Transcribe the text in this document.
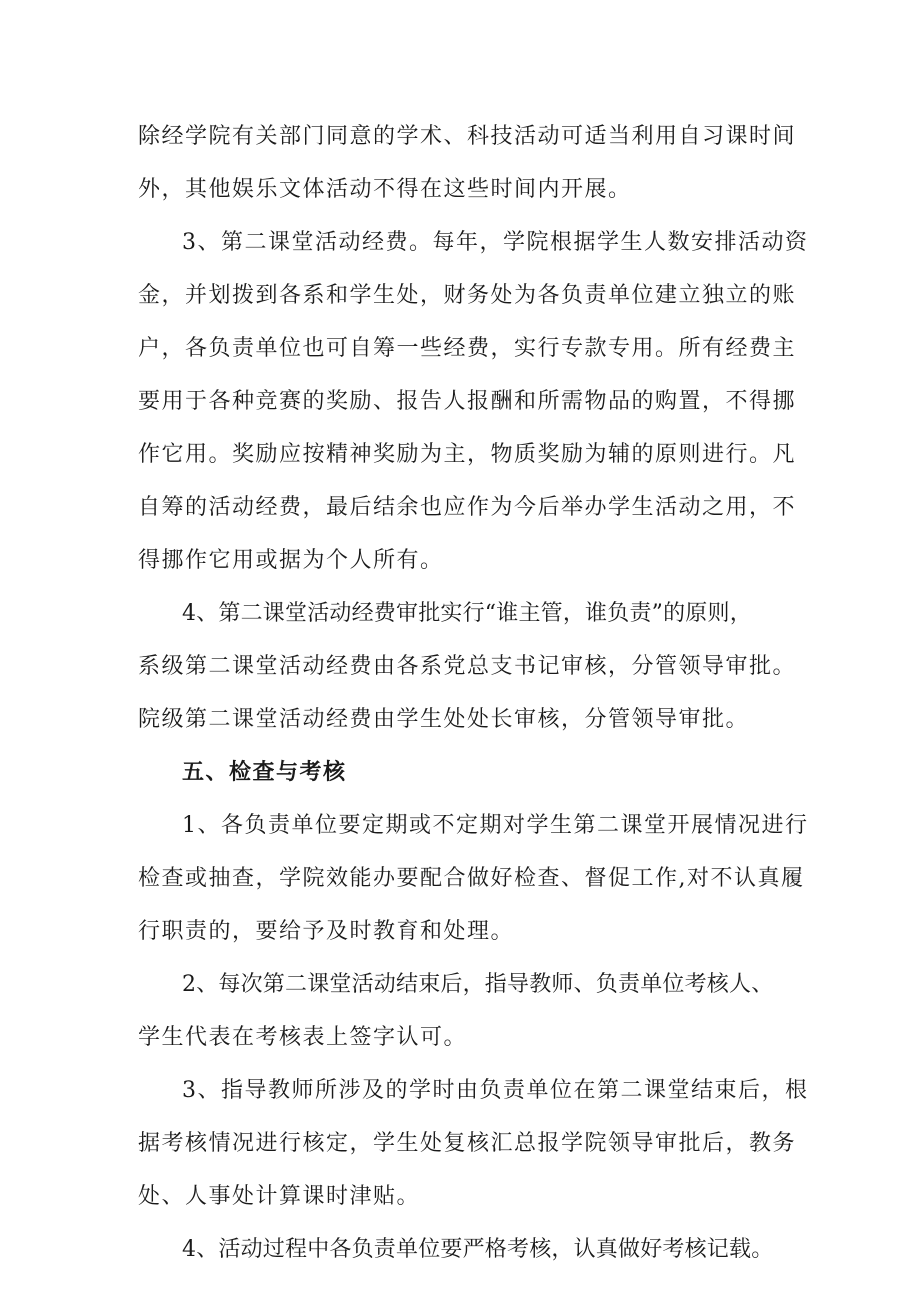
除经学院有关部门同意的学术、科技活动可适当利用自习课时间
外，其他娱乐文体活动不得在这些时间内开展。
3、第二课堂活动经费。每年，学院根据学生人数安排活动资
金，并划拨到各系和学生处，财务处为各负责单位建立独立的账
户，各负责单位也可自筹一些经费，实行专款专用。所有经费主
要用于各种竞赛的奖励、报告人报酬和所需物品的购置，不得挪
作它用。奖励应按精神奖励为主，物质奖励为辅的原则进行。凡
自筹的活动经费，最后结余也应作为今后举办学生活动之用，不
得挪作它用或据为个人所有。
4、第二课堂活动经费审批实行“谁主管，谁负责”的原则，
系级第二课堂活动经费由各系党总支书记审核，分管领导审批。
院级第二课堂活动经费由学生处处长审核，分管领导审批。
五、检查与考核
1、各负责单位要定期或不定期对学生第二课堂开展情况进行
检查或抽查，学院效能办要配合做好检查、督促工作,对不认真履
行职责的，要给予及时教育和处理。
2、每次第二课堂活动结束后，指导教师、负责单位考核人、
学生代表在考核表上签字认可。
3、指导教师所涉及的学时由负责单位在第二课堂结束后，根
据考核情况进行核定，学生处复核汇总报学院领导审批后，教务
处、人事处计算课时津贴。
4、活动过程中各负责单位要严格考核，认真做好考核记载。
